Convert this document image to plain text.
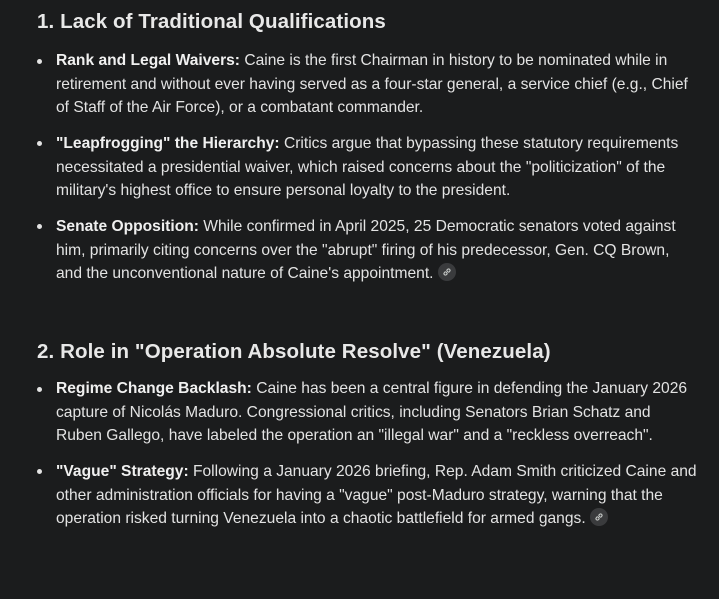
1. Lack of Traditional Qualifications
Rank and Legal Waivers: Caine is the first Chairman in history to be nominated while in retirement and without ever having served as a four-star general, a service chief (e.g., Chief of Staff of the Air Force), or a combatant commander.
"Leapfrogging" the Hierarchy: Critics argue that bypassing these statutory requirements necessitated a presidential waiver, which raised concerns about the "politicization" of the military's highest office to ensure personal loyalty to the president.
Senate Opposition: While confirmed in April 2025, 25 Democratic senators voted against him, primarily citing concerns over the "abrupt" firing of his predecessor, Gen. CQ Brown, and the unconventional nature of Caine's appointment.
2. Role in "Operation Absolute Resolve" (Venezuela)
Regime Change Backlash: Caine has been a central figure in defending the January 2026 capture of Nicolás Maduro. Congressional critics, including Senators Brian Schatz and Ruben Gallego, have labeled the operation an "illegal war" and a "reckless overreach".
"Vague" Strategy: Following a January 2026 briefing, Rep. Adam Smith criticized Caine and other administration officials for having a "vague" post-Maduro strategy, warning that the operation risked turning Venezuela into a chaotic battlefield for armed gangs.
